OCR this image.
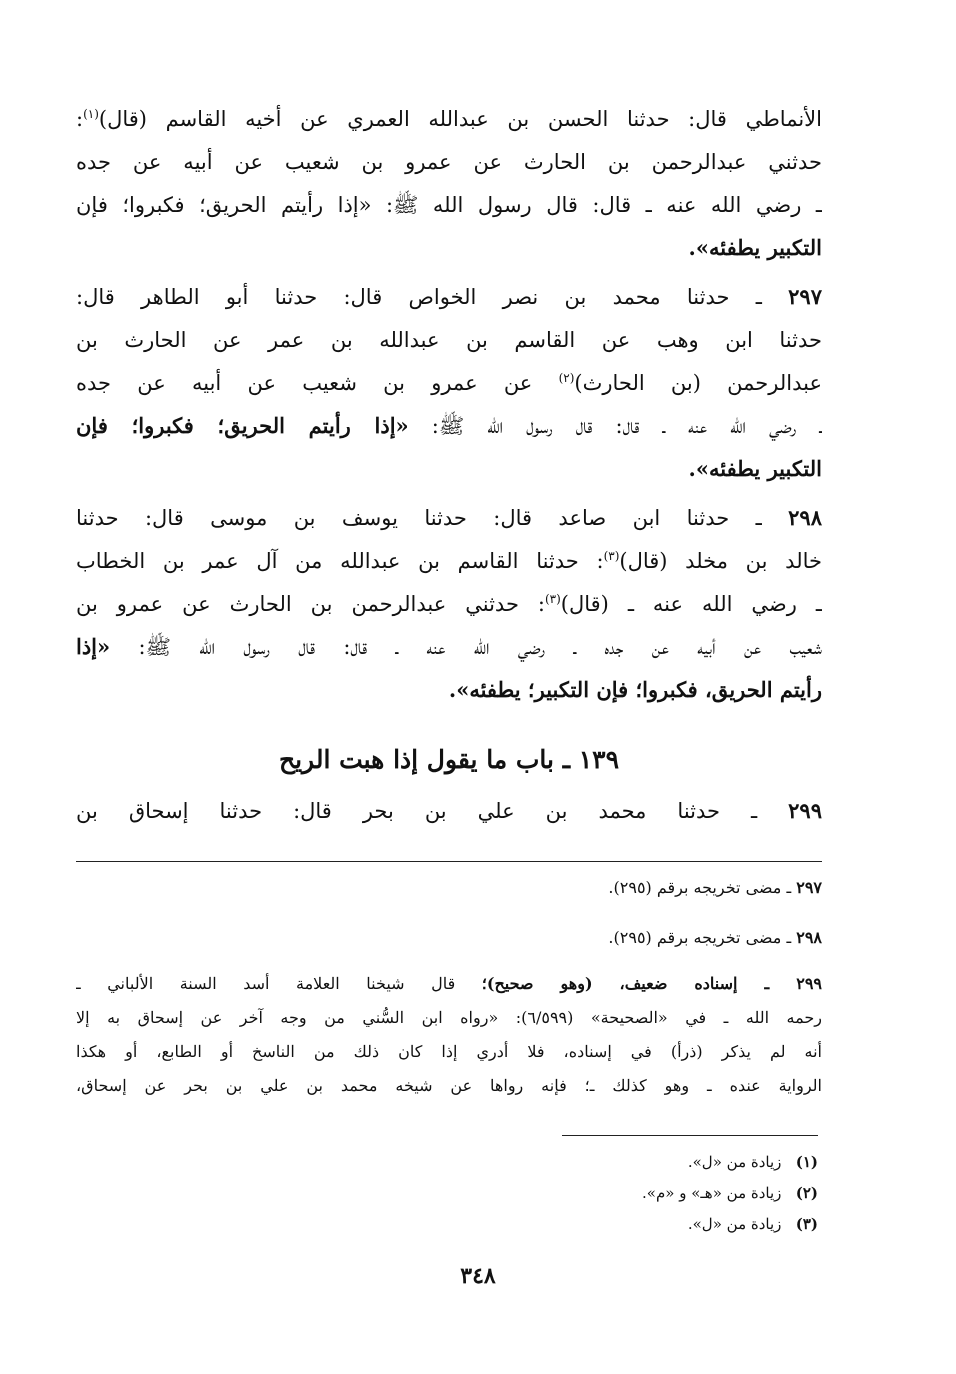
الأنماطي قال: حدثنا الحسن بن عبدالله العمري عن أخيه القاسم (قال)$^{(١)}$:
حدثني عبدالرحمن بن الحارث عن عمرو بن شعيب عن أبيه عن جده
ـ رضي الله عنه ـ قال: قال رسول الله ﷺ: «إذا رأيتم الحريق؛ فكبروا؛ فإن
التكبير يطفئه».
٢٩٧ ـ حدثنا محمد بن نصر الخواص قال: حدثنا أبو الطاهر قال:
حدثنا ابن وهب عن القاسم بن عبدالله بن عمر عن الحارث بن
عبدالرحمن (بن الحارث)$^{(٢)}$ عن عمرو بن شعيب عن أبيه عن جده
ـ رضي الله عنه ـ قال: قال رسول الله ﷺ: «إذا رأيتم الحريق؛ فكبروا؛ فإن
التكبير يطفئه».
٢٩٨ ـ حدثنا ابن صاعد قال: حدثنا يوسف بن موسى قال: حدثنا
خالد بن مخلد (قال)$^{(٣)}$: حدثنا القاسم بن عبدالله من آل عمر بن الخطاب
ـ رضي الله عنه ـ (قال)$^{(٣)}$: حدثني عبدالرحمن بن الحارث عن عمرو بن
شعيب عن أبيه عن جده ـ رضي الله عنه ـ قال: قال رسول الله ﷺ: «إذا
رأيتم الحريق، فكبروا؛ فإن التكبير؛ يطفئه».
١٣٩ ـ باب ما يقول إذا هبت الريح
٢٩٩ ـ حدثنا محمد بن علي بن بحر قال: حدثنا إسحاق بن
٢٩٧ ـ مضى تخريجه برقم (٢٩٥).
٢٩٨ ـ مضى تخريجه برقم (٢٩٥).
٢٩٩ ـ إسناده ضعيف، (وهو صحيح)؛ قال شيخنا العلامة أسد السنة الألباني ـ
رحمه الله ـ في «الصحيحة» (٦/٥٩٩): «رواه ابن السُّني من وجه آخر عن إسحاق به إلا
أنه لم يذكر (ذرأ) في إسناده، فلا أدري إذا كان ذلك من الناسخ أو الطابع، أو هكذا
الرواية عنده ـ وهو كذلك ـ؛ فإنه رواها عن شيخه محمد بن علي بن بحر عن إسحاق،
(١)   زيادة من «ل».
(٢)   زيادة من «هـ» و «م».
(٣)   زيادة من «ل».
٣٤٨
